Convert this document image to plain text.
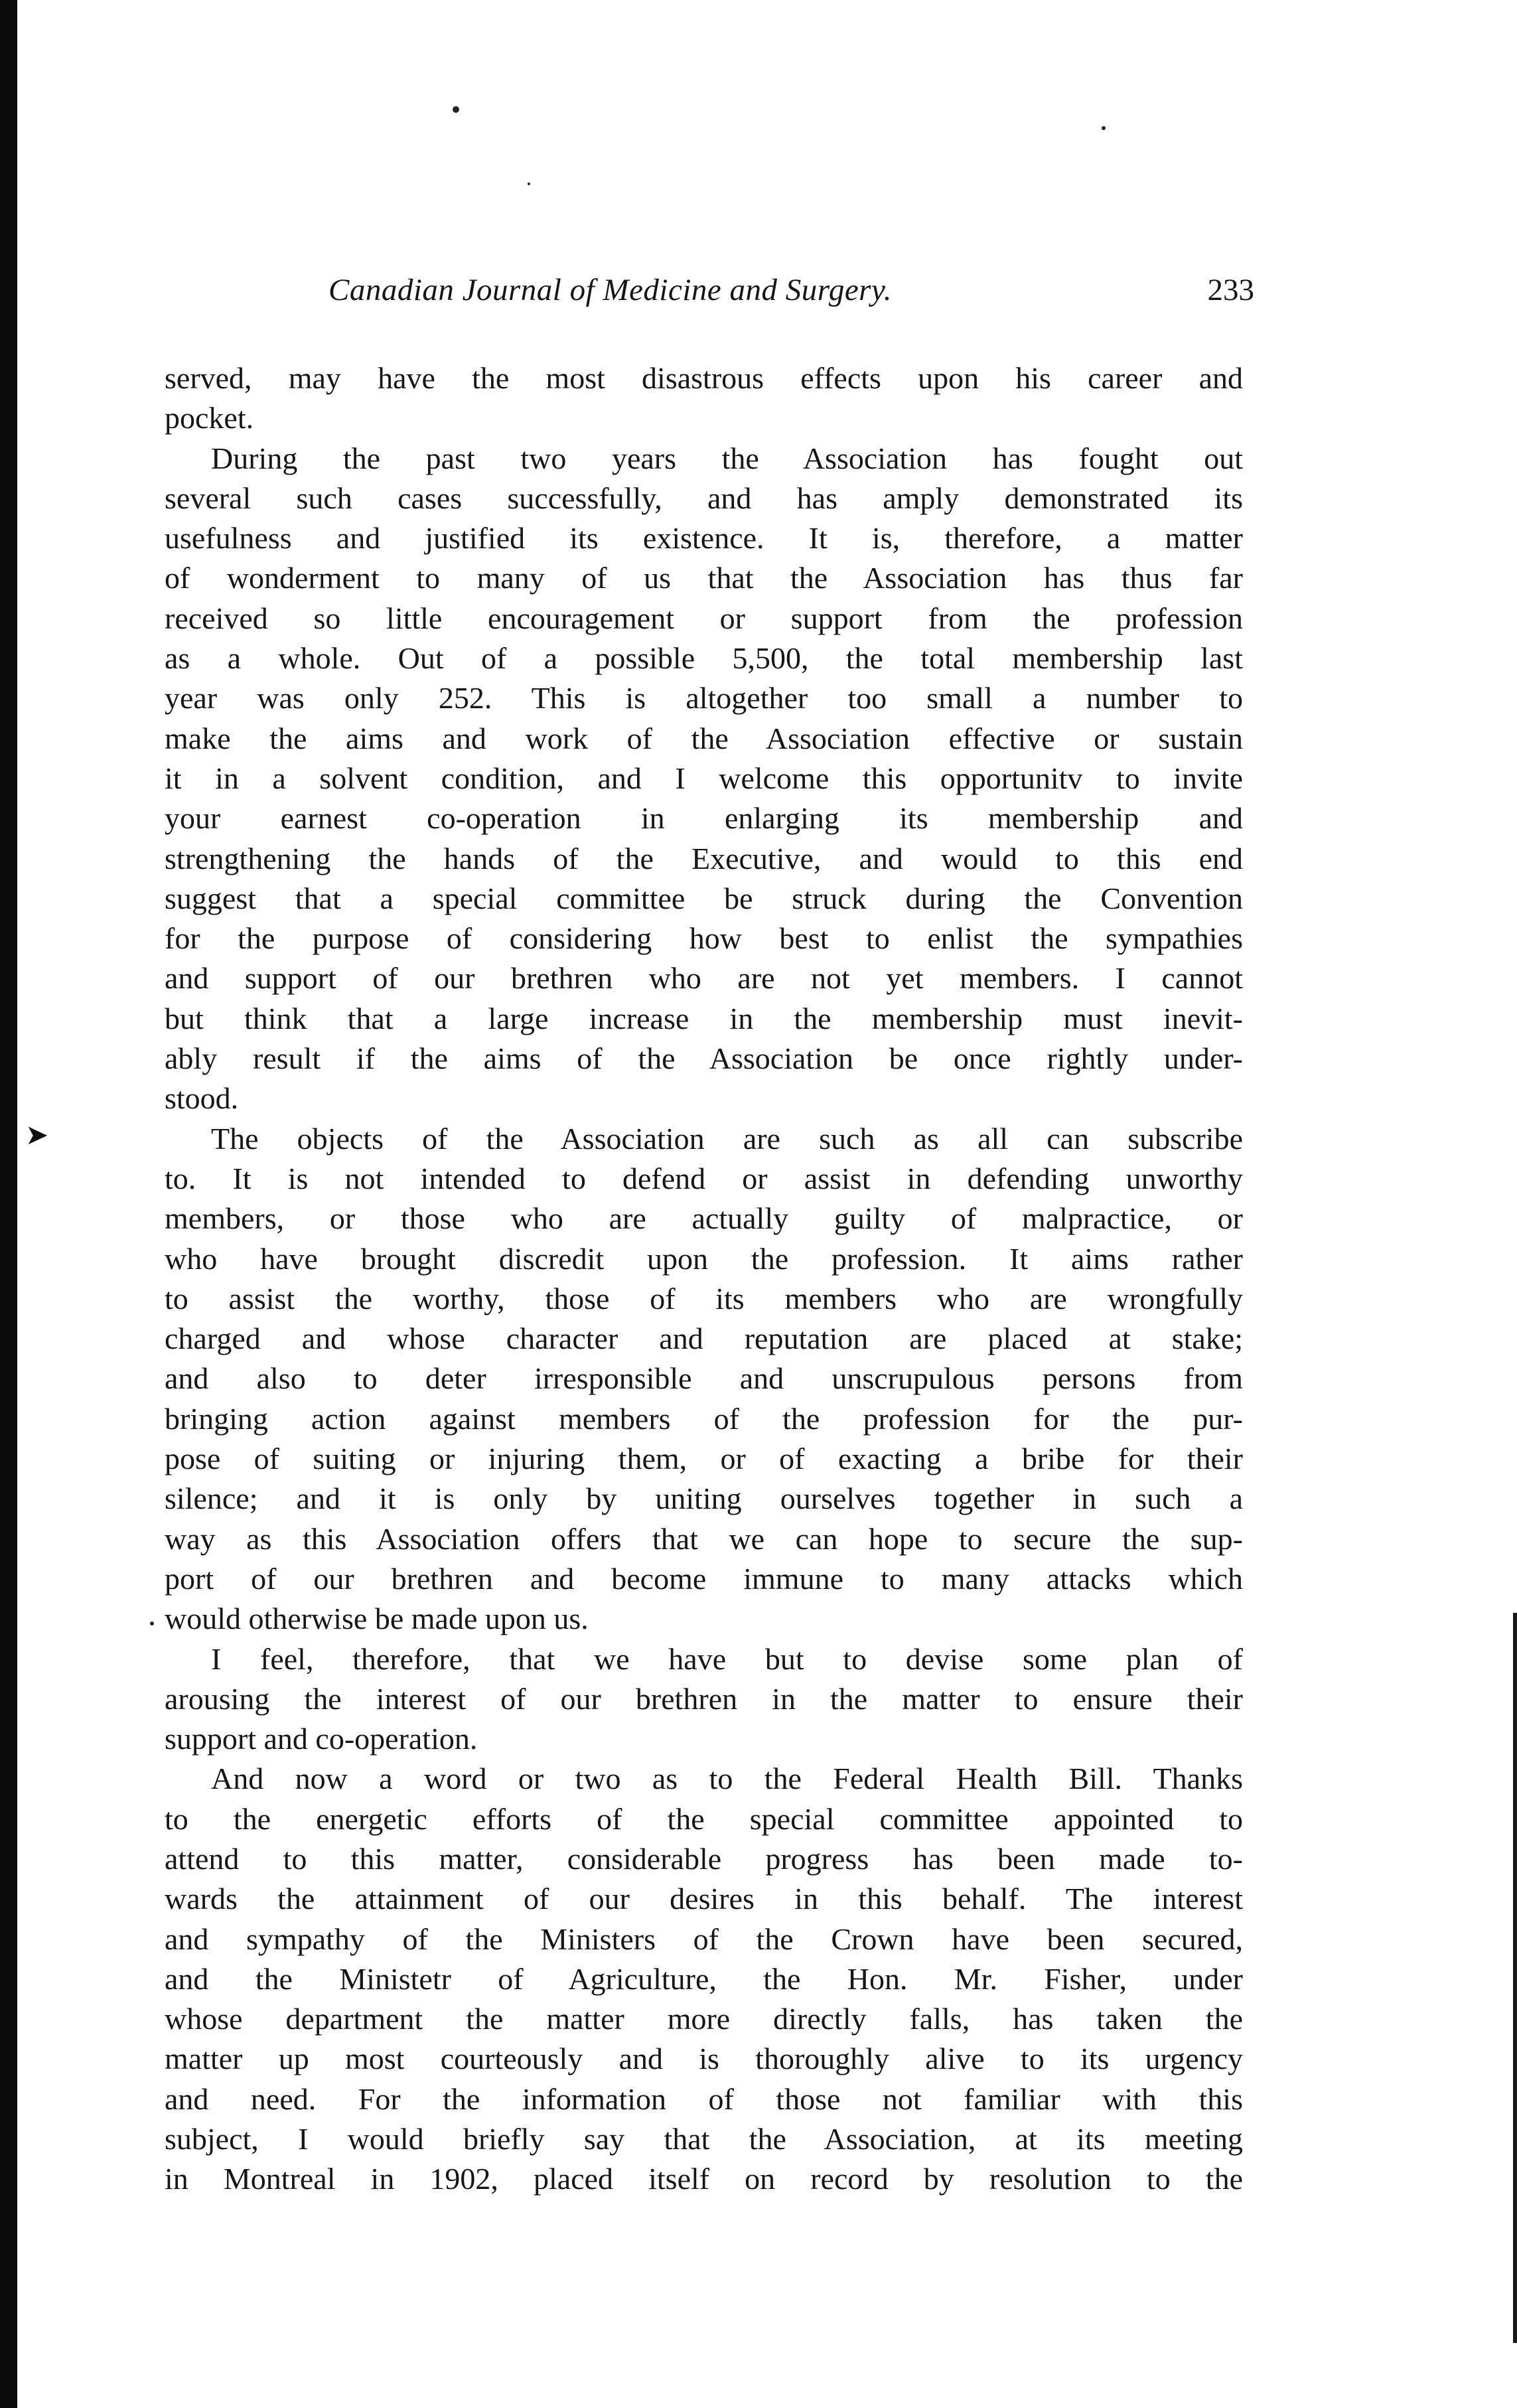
➤
Canadian Journal of Medicine and Surgery.	233
served, may have the most disastrous effects upon his career and
pocket.
During the past two years the Association has fought out
several such cases successfully, and has amply demonstrated its
usefulness and justified its existence. It is, therefore, a matter
of wonderment to many of us that the Association has thus far
received so little encouragement or support from the profession
as a whole. Out of a possible 5,500, the total membership last
year was only 252. This is altogether too small a number to
make the aims and work of the Association effective or sustain
it in a solvent condition, and I welcome this opportunitv to invite
your earnest co-operation in enlarging its membership and
strengthening the hands of the Executive, and would to this end
suggest that a special committee be struck during the Convention
for the purpose of considering how best to enlist the sympathies
and support of our brethren who are not yet members. I cannot
but think that a large increase in the membership must inevit-
ably result if the aims of the Association be once rightly under-
stood.
The objects of the Association are such as all can subscribe
to. It is not intended to defend or assist in defending unworthy
members, or those who are actually guilty of malpractice, or
who have brought discredit upon the profession. It aims rather
to assist the worthy, those of its members who are wrongfully
charged and whose character and reputation are placed at stake;
and also to deter irresponsible and unscrupulous persons from
bringing action against members of the profession for the pur-
pose of suiting or injuring them, or of exacting a bribe for their
silence; and it is only by uniting ourselves together in such a
way as this Association offers that we can hope to secure the sup-
port of our brethren and become immune to many attacks which
would otherwise be made upon us.
I feel, therefore, that we have but to devise some plan of
arousing the interest of our brethren in the matter to ensure their
support and co-operation.
And now a word or two as to the Federal Health Bill. Thanks
to the energetic efforts of the special committee appointed to
attend to this matter, considerable progress has been made to-
wards the attainment of our desires in this behalf. The interest
and sympathy of the Ministers of the Crown have been secured,
and the Ministetr of Agriculture, the Hon. Mr. Fisher, under
whose department the matter more directly falls, has taken the
matter up most courteously and is thoroughly alive to its urgency
and need. For the information of those not familiar with this
subject, I would briefly say that the Association, at its meeting
in Montreal in 1902, placed itself on record by resolution to the
